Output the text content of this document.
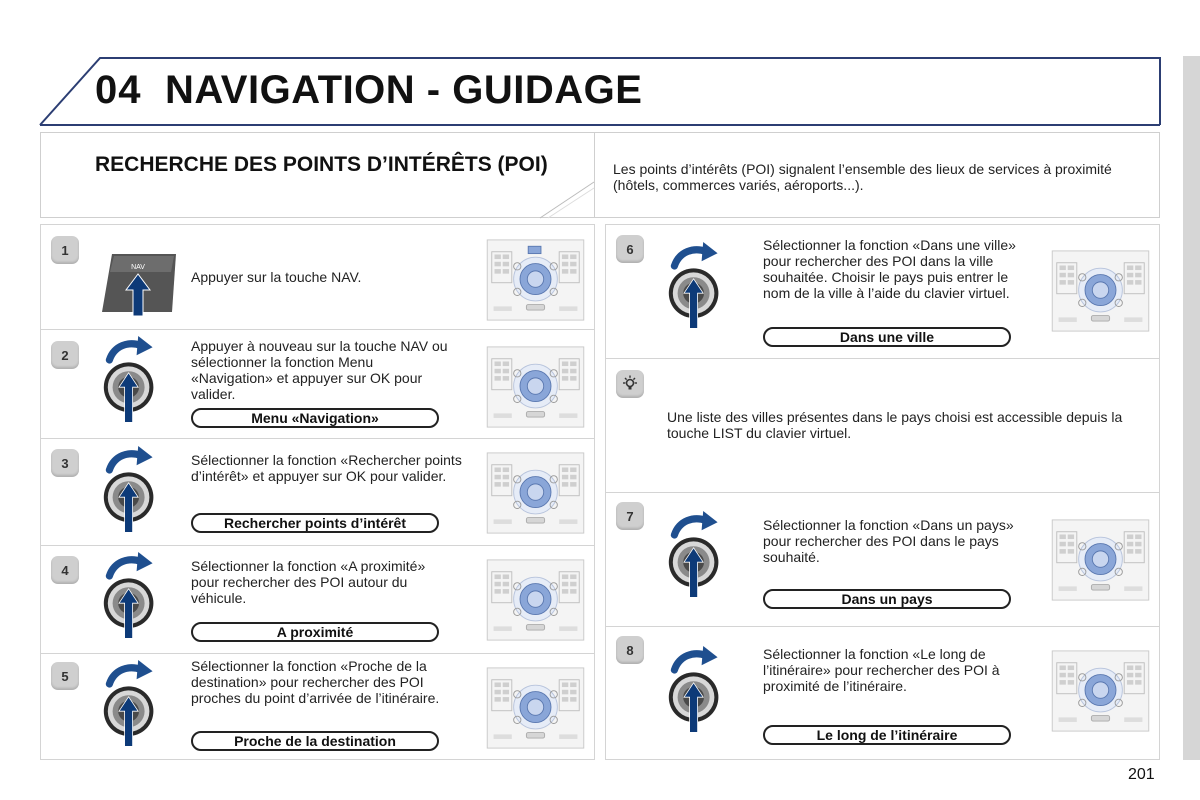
04 NAVIGATION - GUIDAGE
RECHERCHE DES POINTS D’INTÉRÊTS (POI)	Les points d’intérêts (POI) signalent l’ensemble des lieux de services à proximité (hôtels, commerces variés, aéroports...).
1
2
3
4
5
6
7
8
NAV
Appuyer sur la touche NAV.
Appuyer à nouveau sur la touche NAV ou sélectionner la fonction Menu «Navigation» et appuyer sur OK pour valider.
Sélectionner la fonction «Rechercher points d’intérêt» et appuyer sur OK pour valider.
Sélectionner la fonction «A proximité» pour rechercher des POI autour du véhicule.
Sélectionner la fonction «Proche de la destination» pour rechercher des POI proches du point d’arrivée de l’itinéraire.
Menu «Navigation»
Rechercher points d’intérêt
A proximité
Proche de la destination
Sélectionner la fonction «Dans une ville» pour rechercher des POI dans la ville souhaitée. Choisir le pays puis entrer le nom de la ville à l’aide du clavier virtuel.
Sélectionner la fonction «Dans un pays» pour rechercher des POI dans le pays souhaité.
Sélectionner la fonction «Le long de l’itinéraire» pour rechercher des POI à proximité de l’itinéraire.
Une liste des villes présentes dans le pays choisi est accessible depuis la touche LIST du clavier virtuel.
Dans une ville
Dans un pays
Le long de l’itinéraire
201
